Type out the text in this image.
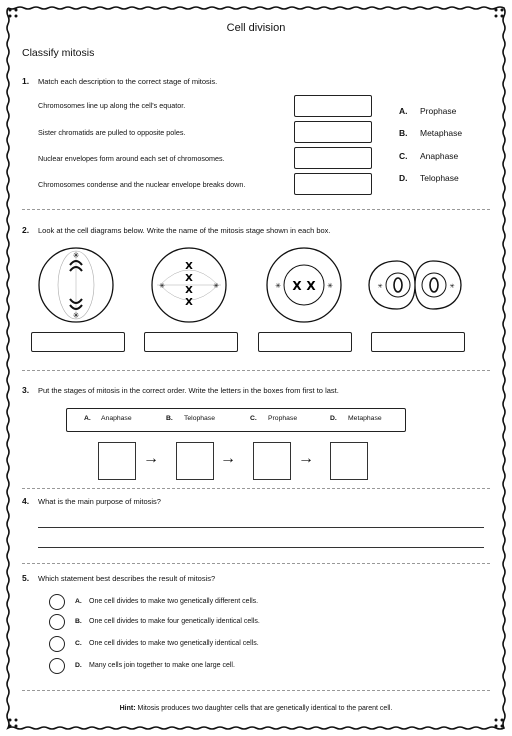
Cell division
Classify mitosis
1. Match each description to the correct stage of mitosis.
Chromosomes line up along the cell's equator.
Sister chromatids are pulled to opposite poles.
Nuclear envelopes form around each set of chromosomes.
Chromosomes condense and the nuclear envelope breaks down.
A. Prophase
B. Metaphase
C. Anaphase
D. Telophase
2. Look at the cell diagrams below. Write the name of the mitosis stage shown in each box.
✳
✳
✳	✳
X
X
X
X
✳	✳
X X	✳	✳
3. Put the stages of mitosis in the correct order. Write the letters in the boxes from first to last.
A. Anaphase	B. Telophase	C. Prophase	D. Metaphase
→	→	→
4. What is the main purpose of mitosis?
5. Which statement best describes the result of mitosis?
A. One cell divides to make two genetically different cells.
B. One cell divides to make four genetically identical cells.
C. One cell divides to make two genetically identical cells.
D. Many cells join together to make one large cell.
Hint: Mitosis produces two daughter cells that are genetically identical to the parent cell.
